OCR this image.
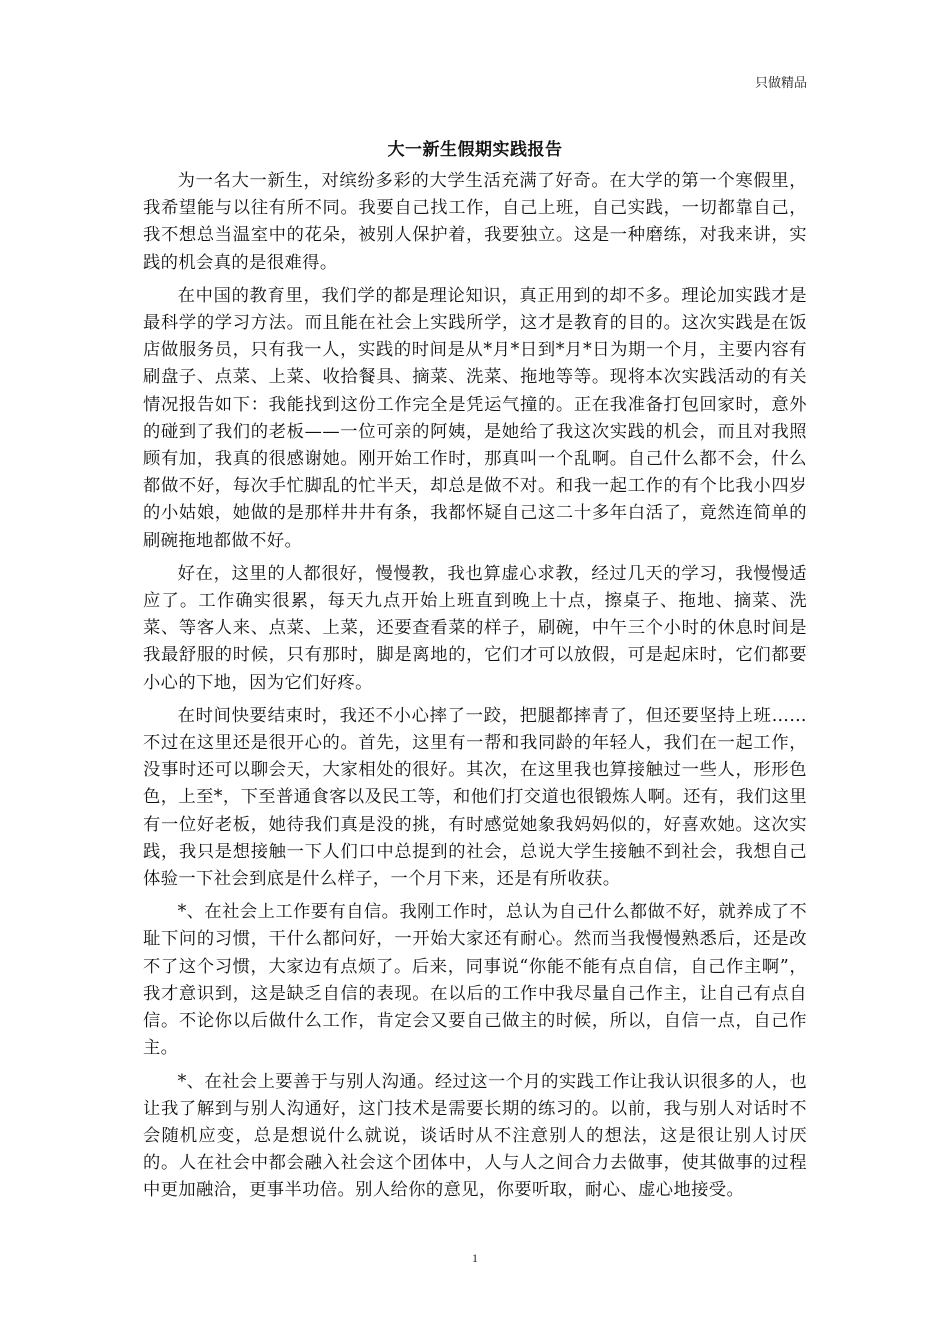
只做精品
大一新生假期实践报告

为一名大一新生，对缤纷多彩的大学生活充满了好奇。在大学的第一个寒假里，我希望能与以往有所不同。我要自己找工作，自己上班，自己实践，一切都靠自己，我不想总当温室中的花朵，被别人保护着，我要独立。这是一种磨练，对我来讲，实践的机会真的是很难得。

在中国的教育里，我们学的都是理论知识，真正用到的却不多。理论加实践才是最科学的学习方法。而且能在社会上实践所学，这才是教育的目的。这次实践是在饭店做服务员，只有我一人，实践的时间是从*月*日到*月*日为期一个月，主要内容有刷盘子、点菜、上菜、收拾餐具、摘菜、洗菜、拖地等等。现将本次实践活动的有关情况报告如下：我能找到这份工作完全是凭运气撞的。正在我准备打包回家时，意外的碰到了我们的老板——一位可亲的阿姨，是她给了我这次实践的机会，而且对我照顾有加，我真的很感谢她。刚开始工作时，那真叫一个乱啊。自己什么都不会，什么都做不好，每次手忙脚乱的忙半天，却总是做不对。和我一起工作的有个比我小四岁的小姑娘，她做的是那样井井有条，我都怀疑自己这二十多年白活了，竟然连简单的刷碗拖地都做不好。

好在，这里的人都很好，慢慢教，我也算虚心求教，经过几天的学习，我慢慢适应了。工作确实很累，每天九点开始上班直到晚上十点，擦桌子、拖地、摘菜、洗菜、等客人来、点菜、上菜，还要查看菜的样子，刷碗，中午三个小时的休息时间是我最舒服的时候，只有那时，脚是离地的，它们才可以放假，可是起床时，它们都要小心的下地，因为它们好疼。

在时间快要结束时，我还不小心摔了一跤，把腿都摔青了，但还要坚持上班……不过在这里还是很开心的。首先，这里有一帮和我同龄的年轻人，我们在一起工作，没事时还可以聊会天，大家相处的很好。其次，在这里我也算接触过一些人，形形色色，上至*，下至普通食客以及民工等，和他们打交道也很锻炼人啊。还有，我们这里有一位好老板，她待我们真是没的挑，有时感觉她象我妈妈似的，好喜欢她。这次实践，我只是想接触一下人们口中总提到的社会，总说大学生接触不到社会，我想自己体验一下社会到底是什么样子，一个月下来，还是有所收获。

*、在社会上工作要有自信。我刚工作时，总认为自己什么都做不好，就养成了不耻下问的习惯，干什么都问好，一开始大家还有耐心。然而当我慢慢熟悉后，还是改不了这个习惯，大家边有点烦了。后来，同事说“你能不能有点自信，自己作主啊”，我才意识到，这是缺乏自信的表现。在以后的工作中我尽量自己作主，让自己有点自信。不论你以后做什么工作，肯定会又要自己做主的时候，所以，自信一点，自己作主。

*、在社会上要善于与别人沟通。经过这一个月的实践工作让我认识很多的人，也让我了解到与别人沟通好，这门技术是需要长期的练习的。以前，我与别人对话时不会随机应变，总是想说什么就说，谈话时从不注意别人的想法，这是很让别人讨厌的。人在社会中都会融入社会这个团体中，人与人之间合力去做事，使其做事的过程中更加融洽，更事半功倍。别人给你的意见，你要听取，耐心、虚心地接受。

1
